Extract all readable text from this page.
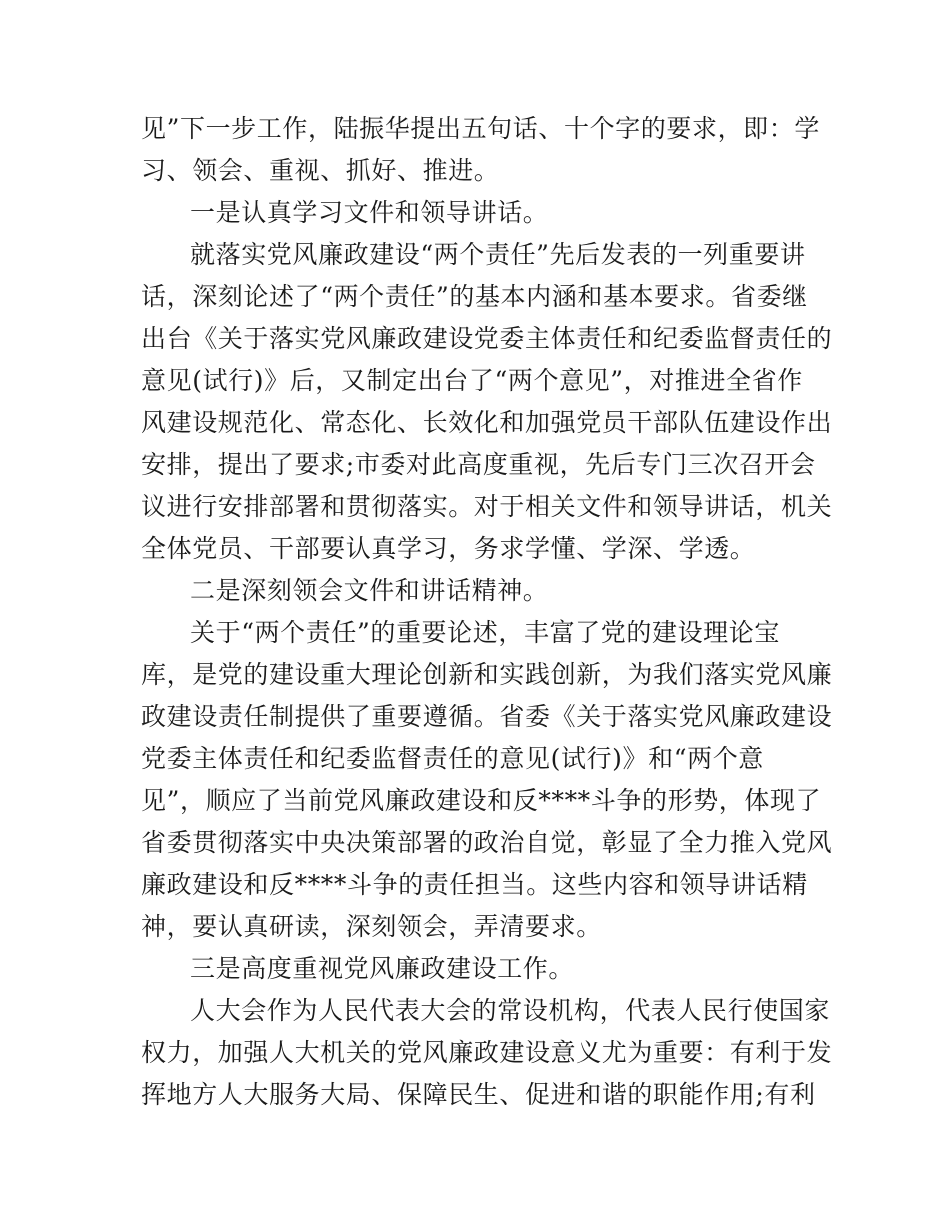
见”下一步工作，陆振华提出五句话、十个字的要求，即：学
习、领会、重视、抓好、推进。
一是认真学习文件和领导讲话。
就落实党风廉政建设“两个责任”先后发表的一列重要讲
话，深刻论述了“两个责任”的基本内涵和基本要求。省委继
出台《关于落实党风廉政建设党委主体责任和纪委监督责任的
意见(试行)》后，又制定出台了“两个意见”，对推进全省作
风建设规范化、常态化、长效化和加强党员干部队伍建设作出
安排，提出了要求;市委对此高度重视，先后专门三次召开会
议进行安排部署和贯彻落实。对于相关文件和领导讲话，机关
全体党员、干部要认真学习，务求学懂、学深、学透。
二是深刻领会文件和讲话精神。
关于“两个责任”的重要论述，丰富了党的建设理论宝
库，是党的建设重大理论创新和实践创新，为我们落实党风廉
政建设责任制提供了重要遵循。省委《关于落实党风廉政建设
党委主体责任和纪委监督责任的意见(试行)》和“两个意
见”，顺应了当前党风廉政建设和反****斗争的形势，体现了
省委贯彻落实中央决策部署的政治自觉，彰显了全力推入党风
廉政建设和反****斗争的责任担当。这些内容和领导讲话精
神，要认真研读，深刻领会，弄清要求。
三是高度重视党风廉政建设工作。
人大会作为人民代表大会的常设机构，代表人民行使国家
权力，加强人大机关的党风廉政建设意义尤为重要：有利于发
挥地方人大服务大局、保障民生、促进和谐的职能作用;有利
